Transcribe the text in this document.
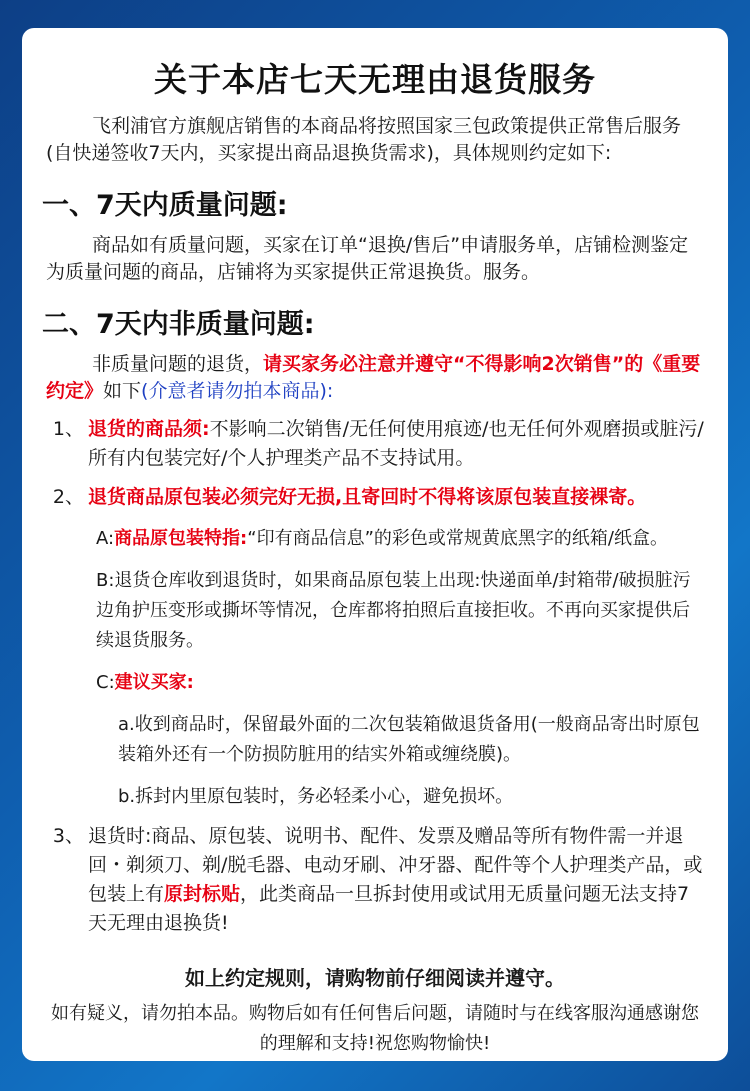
关于本店七天无理由退货服务

飞利浦官方旗舰店销售的本商品将按照国家三包政策提供正常售后服务(自快递签收7天内，买家提出商品退换货需求)，具体规则约定如下:

一、7天内质量问题:

商品如有质量问题，买家在订单“退换/售后”申请服务单，店铺检测鉴定为质量问题的商品，店铺将为买家提供正常退换货。服务。

二、7天内非质量问题:

非质量问题的退货，请买家务必注意并遵守“不得影响2次销售”的《重要约定》如下(介意者请勿拍本商品):

1、 退货的商品须:不影响二次销售/无任何使用痕迹/也无任何外观磨损或脏污/所有内包装完好/个人护理类产品不支持试用。
2、 退货商品原包装必须完好无损,且寄回时不得将该原包装直接裸寄。

A:商品原包装特指:“印有商品信息”的彩色或常规黄底黑字的纸箱/纸盒。

B:退货仓库收到退货时，如果商品原包装上出现:快递面单/封箱带/破损脏污边角护压变形或撕坏等情况，仓库都将拍照后直接拒收。不再向买家提供后续退货服务。

C:建议买家:

a.收到商品时，保留最外面的二次包装箱做退货备用(一般商品寄出时原包装箱外还有一个防损防脏用的结实外箱或缠绕膜)。

b.拆封内里原包装时，务必轻柔小心，避免损坏。

3、 退货时:商品、原包装、说明书、配件、发票及赠品等所有物件需一并退回・剃须刀、剃/脱毛器、电动牙刷、冲牙器、配件等个人护理类产品，或包装上有原封标贴，此类商品一旦拆封使用或试用无质量问题无法支持7天无理由退换货!
如上约定规则，请购物前仔细阅读并遵守。

如有疑义，请勿拍本品。购物后如有任何售后问题，请随时与在线客服沟通感谢您的理解和支持!祝您购物愉快!
